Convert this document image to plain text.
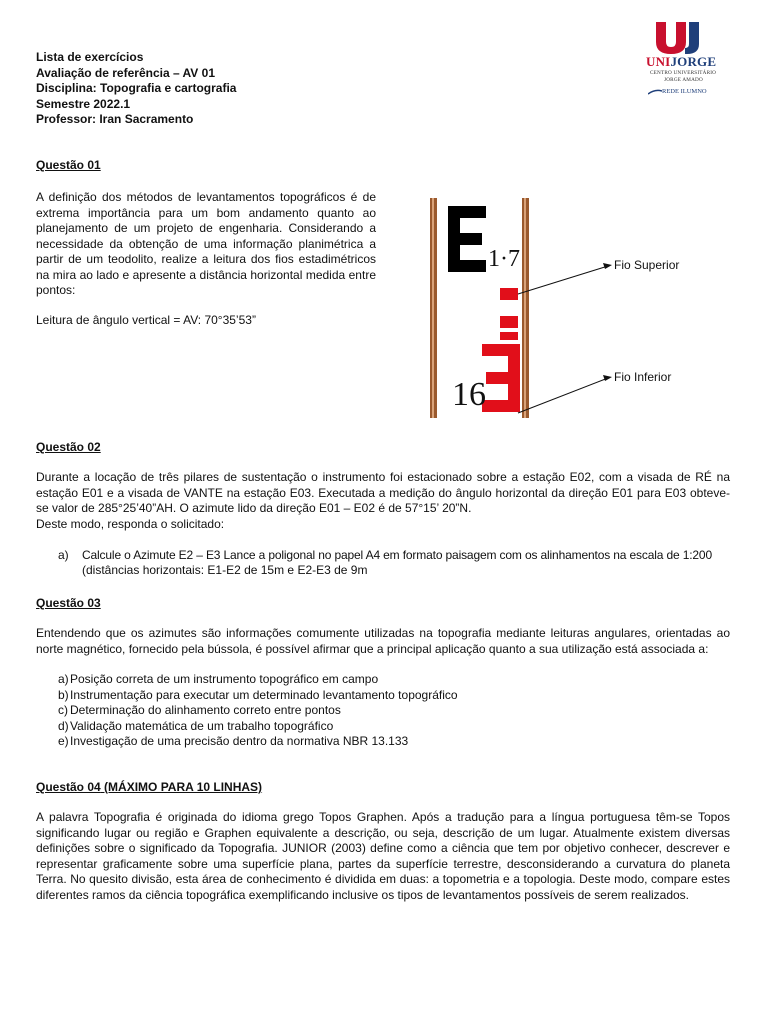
Lista de exercícios
Avaliação de referência – AV 01
Disciplina: Topografia e cartografia
Semestre 2022.1
Professor: Iran Sacramento
UNIJORGE
CENTRO UNIVERSITÁRIO
JORGE AMADO
REDE ILUMNO
Questão 01
A definição dos métodos de levantamentos topográficos é de extrema importância para um bom andamento quanto ao planejamento de um projeto de engenharia. Considerando a necessidade da obtenção de uma informação planimétrica a partir de um teodolito, realize a leitura dos fios estadimétricos na mira ao lado e apresente a distância horizontal medida entre pontos:
Leitura de ângulo vertical = AV: 70°35’53”
1·7
16
Fio Superior
Fio Inferior
Questão 02
Durante a locação de três pilares de sustentação o instrumento foi estacionado sobre a estação E02, com a visada de RÉ na estação E01 e a visada de VANTE na estação E03. Executada a medição do ângulo horizontal da direção E01 para E03 obteve-se valor de 285°25’40”AH. O azimute lido da direção E01 – E02 é de 57°15’ 20”N.
Deste modo, responda o solicitado:
a) Calcule o Azimute E2 – E3 Lance a poligonal no papel A4 em formato paisagem com os alinhamentos na escala de 1:200
(distâncias horizontais: E1-E2 de 15m e E2-E3 de 9m
Questão 03
Entendendo que os azimutes são informações comumente utilizadas na topografia mediante leituras angulares, orientadas ao norte magnético, fornecido pela bússola, é possível afirmar que a principal aplicação quanto a sua utilização está associada a:
a) Posição correta de um instrumento topográfico em campo
b) Instrumentação para executar um determinado levantamento topográfico
c) Determinação do alinhamento correto entre pontos
d) Validação matemática de um trabalho topográfico
e) Investigação de uma precisão dentro da normativa NBR 13.133
Questão 04 (MÁXIMO PARA 10 LINHAS)
A palavra Topografia é originada do idioma grego Topos Graphen. Após a tradução para a língua portuguesa têm-se Topos significando lugar ou região e Graphen equivalente a descrição, ou seja, descrição de um lugar. Atualmente existem diversas definições sobre o significado da Topografia. JUNIOR (2003) define como a ciência que tem por objetivo conhecer, descrever e representar graficamente sobre uma superfície plana, partes da superfície terrestre, desconsiderando a curvatura do planeta Terra. No quesito divisão, esta área de conhecimento é dividida em duas: a topometria e a topologia. Deste modo, compare estes diferentes ramos da ciência topográfica exemplificando inclusive os tipos de levantamentos possíveis de serem realizados.
